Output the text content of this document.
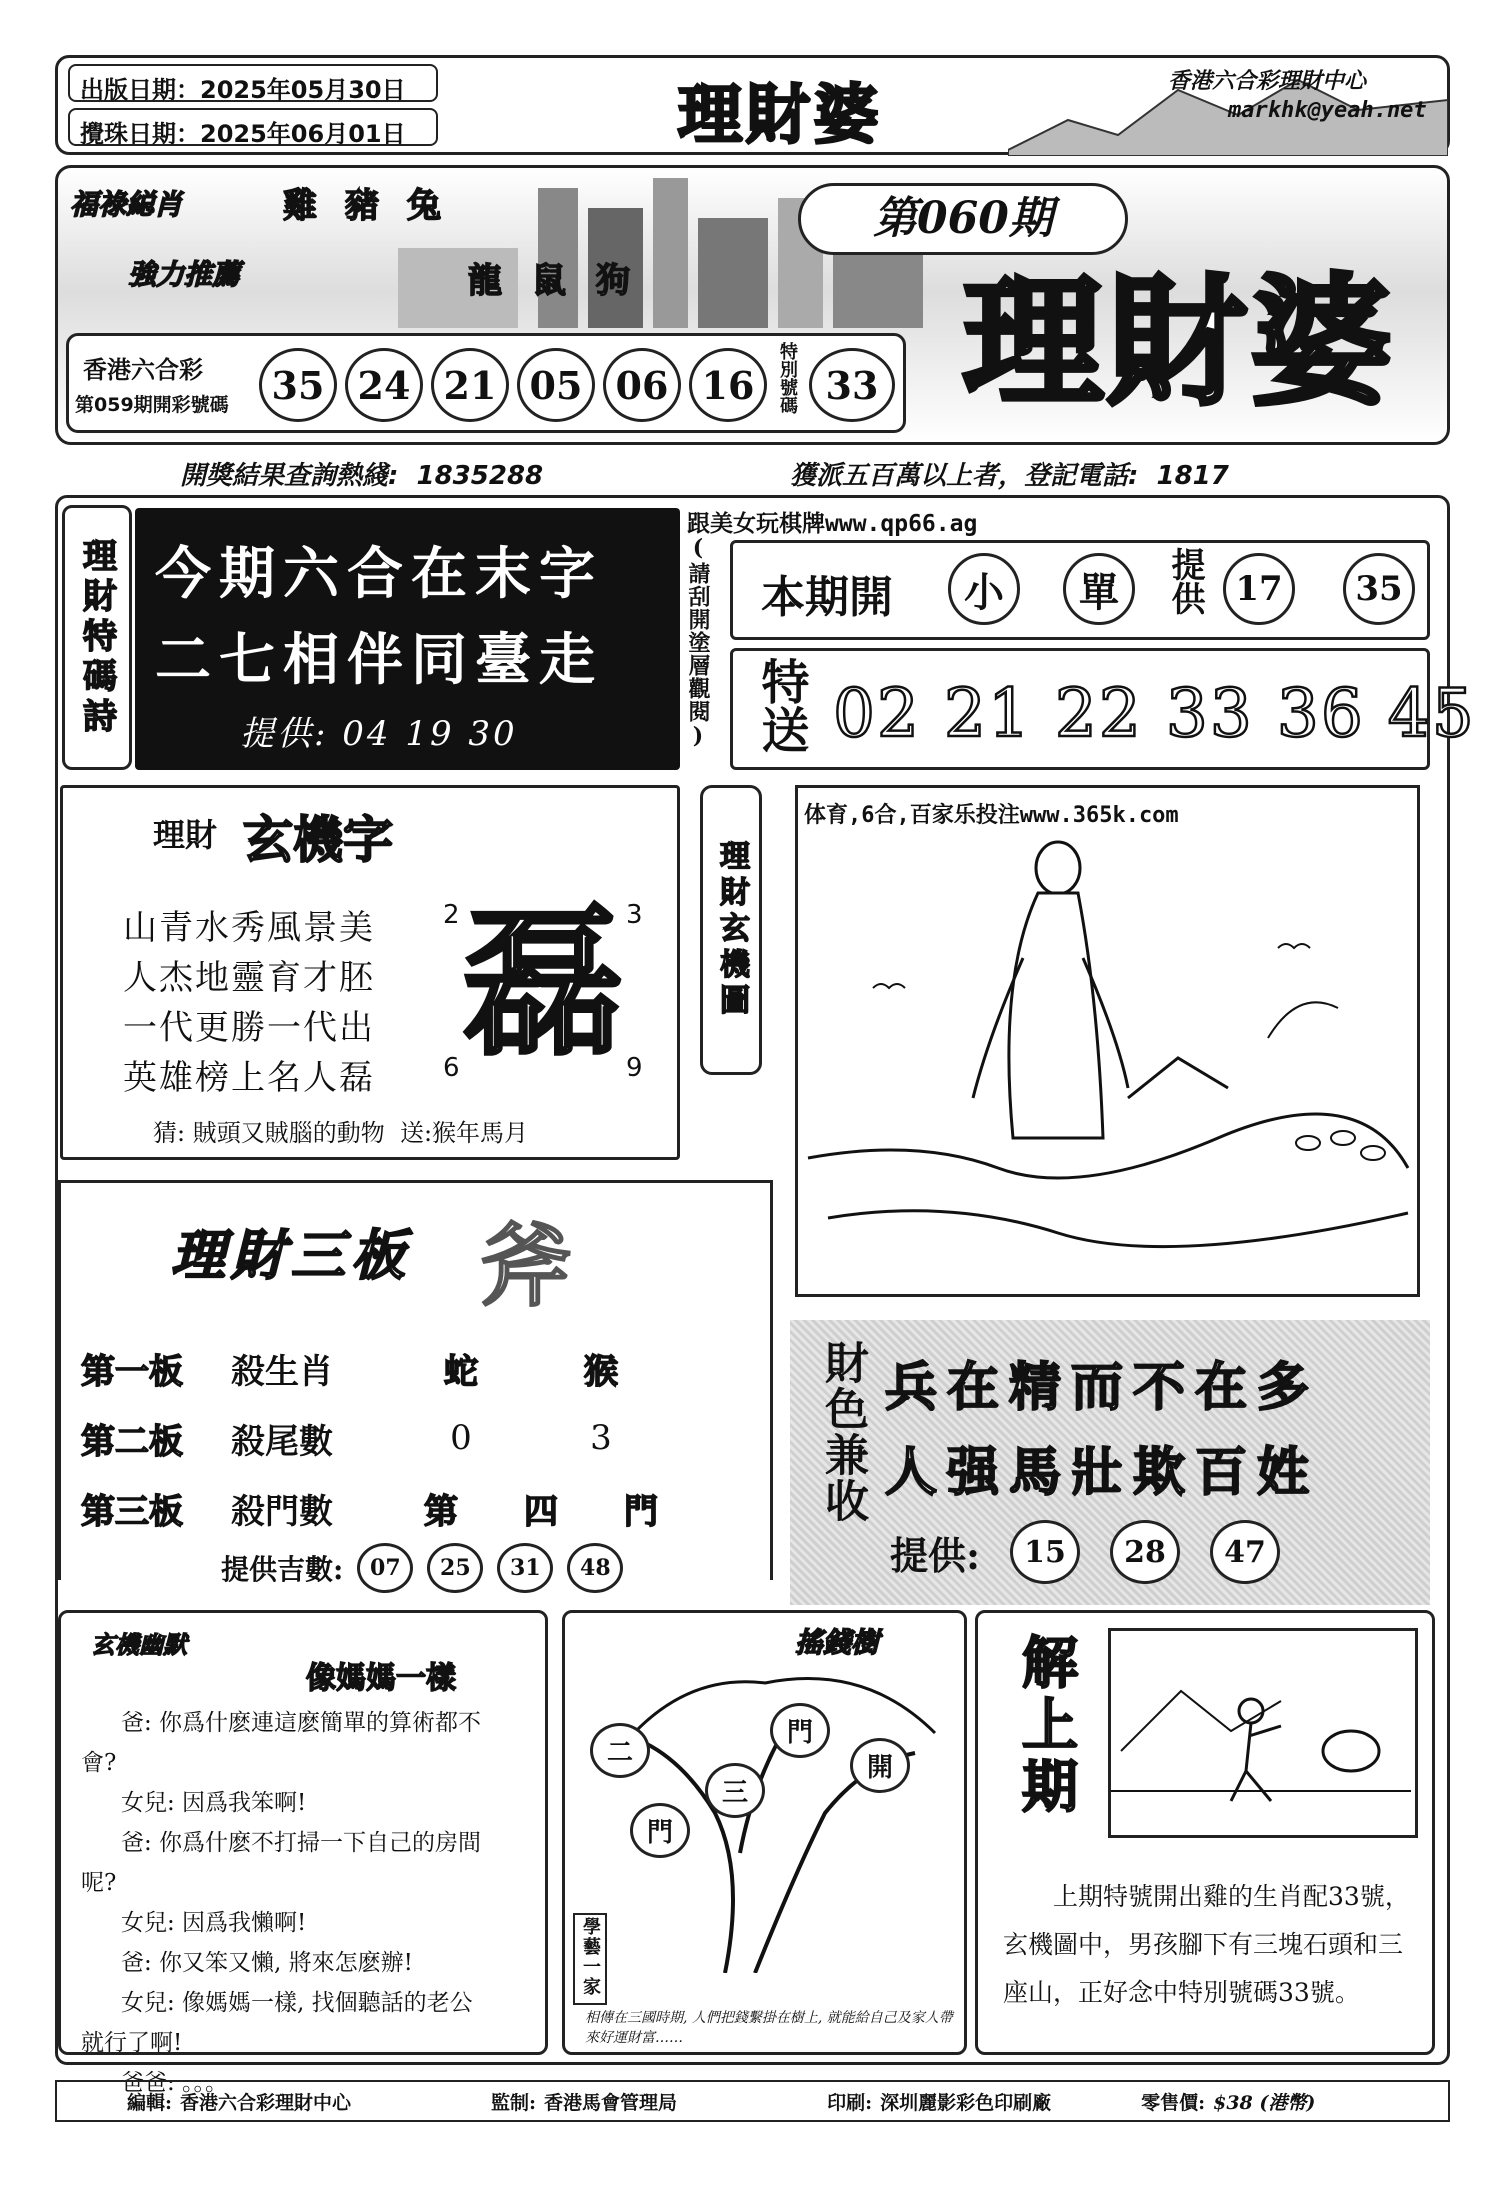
出版日期：2025年05月30日
攪珠日期：2025年06月01日	理財婆	香港六合彩理財中心
markhk@yeah.net
福祿縂肖	雞 豬 兔
強力推薦	龍 鼠 狗
第060期
理財婆
香港六合彩
第059期開彩號碼	35 24 21 05 06 16	特別號碼 33
開獎結果查詢熱綫:  1835288	獲派五百萬以上者，登記電話:  1817
理財特碼詩 今期六合在末字
二七相伴同臺走
提供: 04 19 30	(請刮開塗層觀閱)
跟美女玩棋牌www.qp66.ag
本期開	小	單	提供 17	35
特送 02 21 22 33 36 45
理財 玄機字
山青水秀風景美
人杰地靈育才胚
一代更勝一代出
英雄榜上名人磊
2	3
6	9
磊
猜: 賊頭又賊腦的動物  送:猴年馬月
理財玄機圖
体育,6合,百家乐投注www.365k.com
理財三板 斧
第一板	殺生肖	蛇	猴
第二板	殺尾數	0	3
第三板	殺門數	第	四	門
提供吉數:	07	25	31	48
財色兼收 兵在精而不在多
人强馬壯欺百姓
提供:	15	28	47
玄機幽默
像媽媽一樣
爸: 你爲什麽連這麽簡單的算術都不
會?
女兒: 因爲我笨啊!
爸: 你爲什麽不打掃一下自己的房間
呢?
女兒: 因爲我懶啊!
爸: 你又笨又懶, 將來怎麽辦!
女兒: 像媽媽一樣, 找個聽話的老公
就行了啊!
爸爸: 。。。
搖錢樹
二
門
開
門
三
學藝一家
相傳在三國時期, 人們把錢繫掛在樹上, 就能給自己及家人帶來好運財富……
解上期
上期特號開出雞的生肖配33號，玄機圖中，男孩腳下有三塊石頭和三座山，正好念中特別號碼33號。
編輯: 香港六合彩理財中心	監制: 香港馬會管理局	印刷: 深圳麗影彩色印刷廠	零售價: $38 (港幣)
